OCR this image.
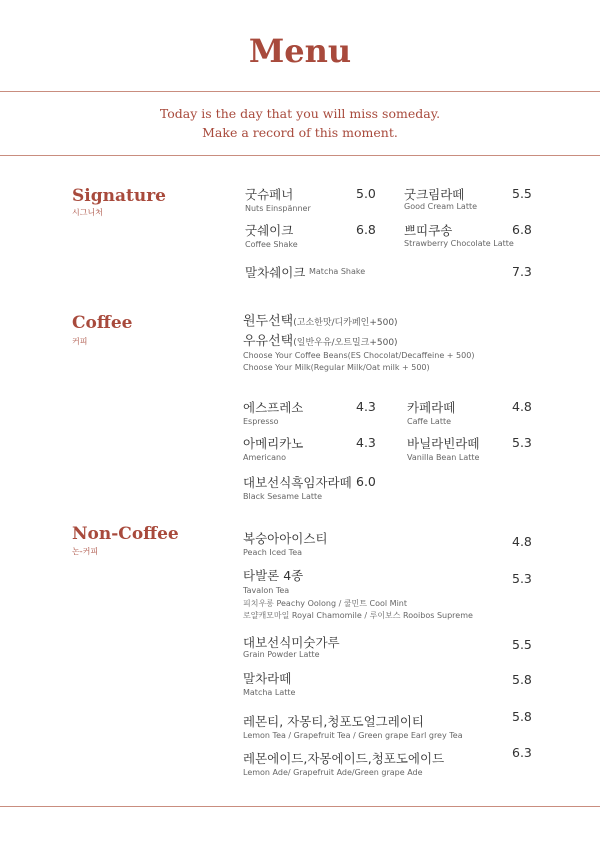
Menu
Today is the day that you will miss someday.
Make a record of this moment.
Signature
시그니처
굿슈페너
Nuts Einspänner
5.0 굿크림라떼
Good Cream Latte
5.5
굿쉐이크
Coffee Shake
6.8 쁘띠쿠송
Strawberry Chocolate Latte
6.8
말차쉐이크 Matcha Shake	7.3
Coffee
커피
원두선택(고소한맛/디카페인+500)
우유선택(일반우유/오트밀크+500)
Choose Your Coffee Beans(ES Chocolat/Decaffeine + 500)
Choose Your Milk(Regular Milk/Oat milk + 500)
에스프레소
Espresso
4.3 카페라떼
Caffe Latte
4.8
아메리카노
Americano
4.3 바닐라빈라떼
Vanilla Bean Latte
5.3
대보선식흑임자라떼
Black Sesame Latte
6.0
Non-Coffee
논-커피
복숭아아이스티
Peach Iced Tea
4.8
타발론 4종
Tavalon Tea
피치우롱 Peachy Oolong / 쿨민트 Cool Mint
로얄캐모마일 Royal Chamomile / 루이보스 Rooibos Supreme
5.3
대보선식미숫가루
Grain Powder Latte
5.5
말차라떼
Matcha Latte
5.8
레몬티, 자몽티,청포도얼그레이티
Lemon Tea / Grapefruit Tea / Green grape Earl grey Tea
5.8
레몬에이드,자몽에이드,청포도에이드
Lemon Ade/ Grapefruit Ade/Green grape Ade
6.3
